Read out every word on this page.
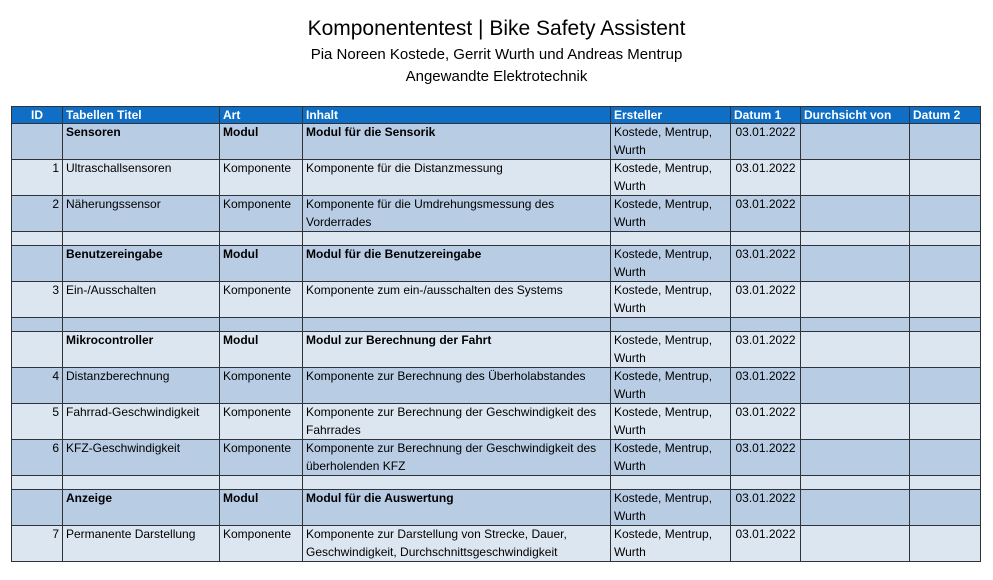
Komponententest | Bike Safety Assistent
Pia Noreen Kostede, Gerrit Wurth und Andreas Mentrup
Angewandte Elektrotechnik
ID	Tabellen Titel	Art	Inhalt	Ersteller	Datum 1	Durchsicht von	Datum 2
	Sensoren	Modul	Modul für die Sensorik	Kostede, Mentrup, Wurth	03.01.2022		
1	Ultraschallsensoren	Komponente	Komponente für die Distanzmessung	Kostede, Mentrup, Wurth	03.01.2022		
2	Näherungssensor	Komponente	Komponente für die Umdrehungsmessung des Vorderrades	Kostede, Mentrup, Wurth	03.01.2022		

	Benutzereingabe	Modul	Modul für die Benutzereingabe	Kostede, Mentrup, Wurth	03.01.2022		
3	Ein-/Ausschalten	Komponente	Komponente zum ein-/ausschalten des Systems	Kostede, Mentrup, Wurth	03.01.2022		

	Mikrocontroller	Modul	Modul zur Berechnung der Fahrt	Kostede, Mentrup, Wurth	03.01.2022		
4	Distanzberechnung	Komponente	Komponente zur Berechnung des Überholabstandes	Kostede, Mentrup, Wurth	03.01.2022		
5	Fahrrad-Geschwindigkeit	Komponente	Komponente zur Berechnung der Geschwindigkeit des Fahrrades	Kostede, Mentrup, Wurth	03.01.2022		
6	KFZ-Geschwindigkeit	Komponente	Komponente zur Berechnung der Geschwindigkeit des überholenden KFZ	Kostede, Mentrup, Wurth	03.01.2022		

	Anzeige	Modul	Modul für die Auswertung	Kostede, Mentrup, Wurth	03.01.2022		
7	Permanente Darstellung	Komponente	Komponente zur Darstellung von Strecke, Dauer, Geschwindigkeit, Durchschnittsgeschwindigkeit	Kostede, Mentrup, Wurth	03.01.2022		
